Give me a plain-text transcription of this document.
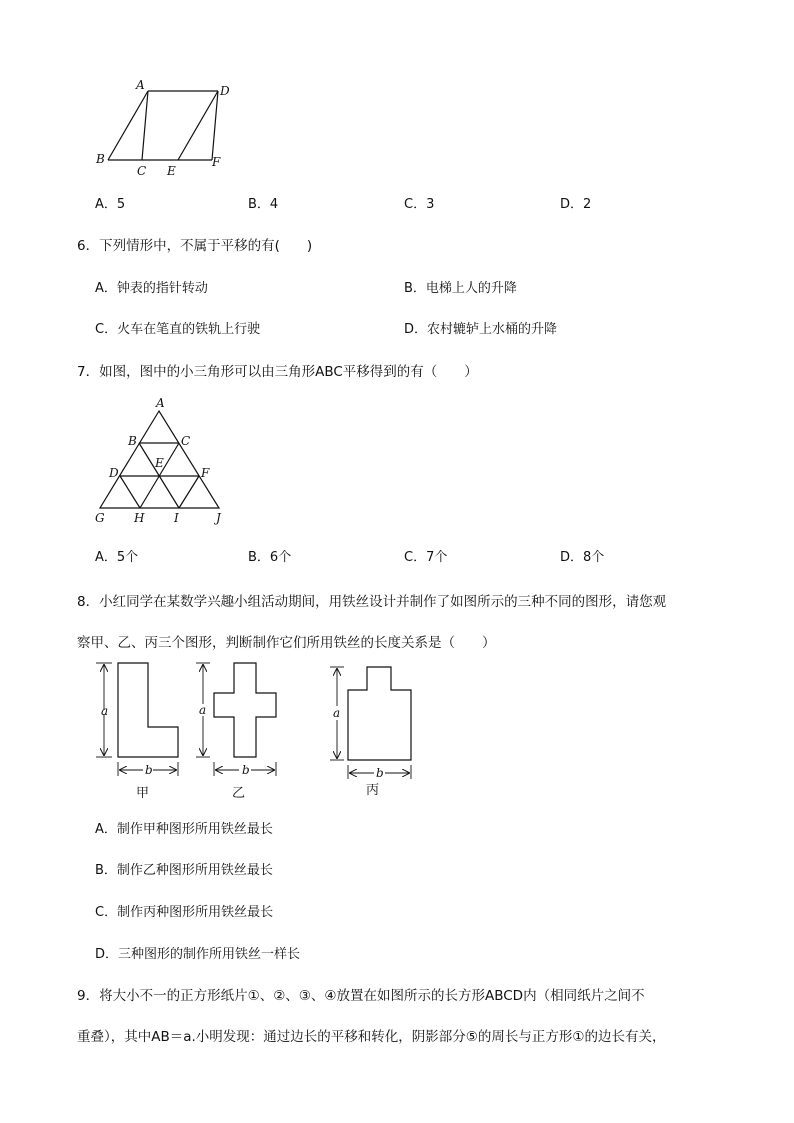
A	D
B
C E
F
A．5	B．4	C．3	D．2
6．下列情形中，不属于平移的有(　　)
A．钟表的指针转动	B．电梯上人的升降
C．火车在笔直的铁轨上行驶	D．农村辘轳上水桶的升降
7．如图，图中的小三角形可以由三角形ABC平移得到的有（　　）
A
B	C
D
E
F
G H I	J
A．5个	B．6个	C．7个	D．8个
8．小红同学在某数学兴趣小组活动期间，用铁丝设计并制作了如图所示的三种不同的图形，请您观
察甲、乙、丙三个图形，判断制作它们所用铁丝的长度关系是（　　）
a
b
a
b
a
b
甲	乙	丙
A．制作甲种图形所用铁丝最长
B．制作乙种图形所用铁丝最长
C．制作丙种图形所用铁丝最长
D．三种图形的制作所用铁丝一样长
9．将大小不一的正方形纸片①、②、③、④放置在如图所示的长方形ABCD内（相同纸片之间不
重叠），其中AB＝a.小明发现：通过边长的平移和转化，阴影部分⑤的周长与正方形①的边长有关，
